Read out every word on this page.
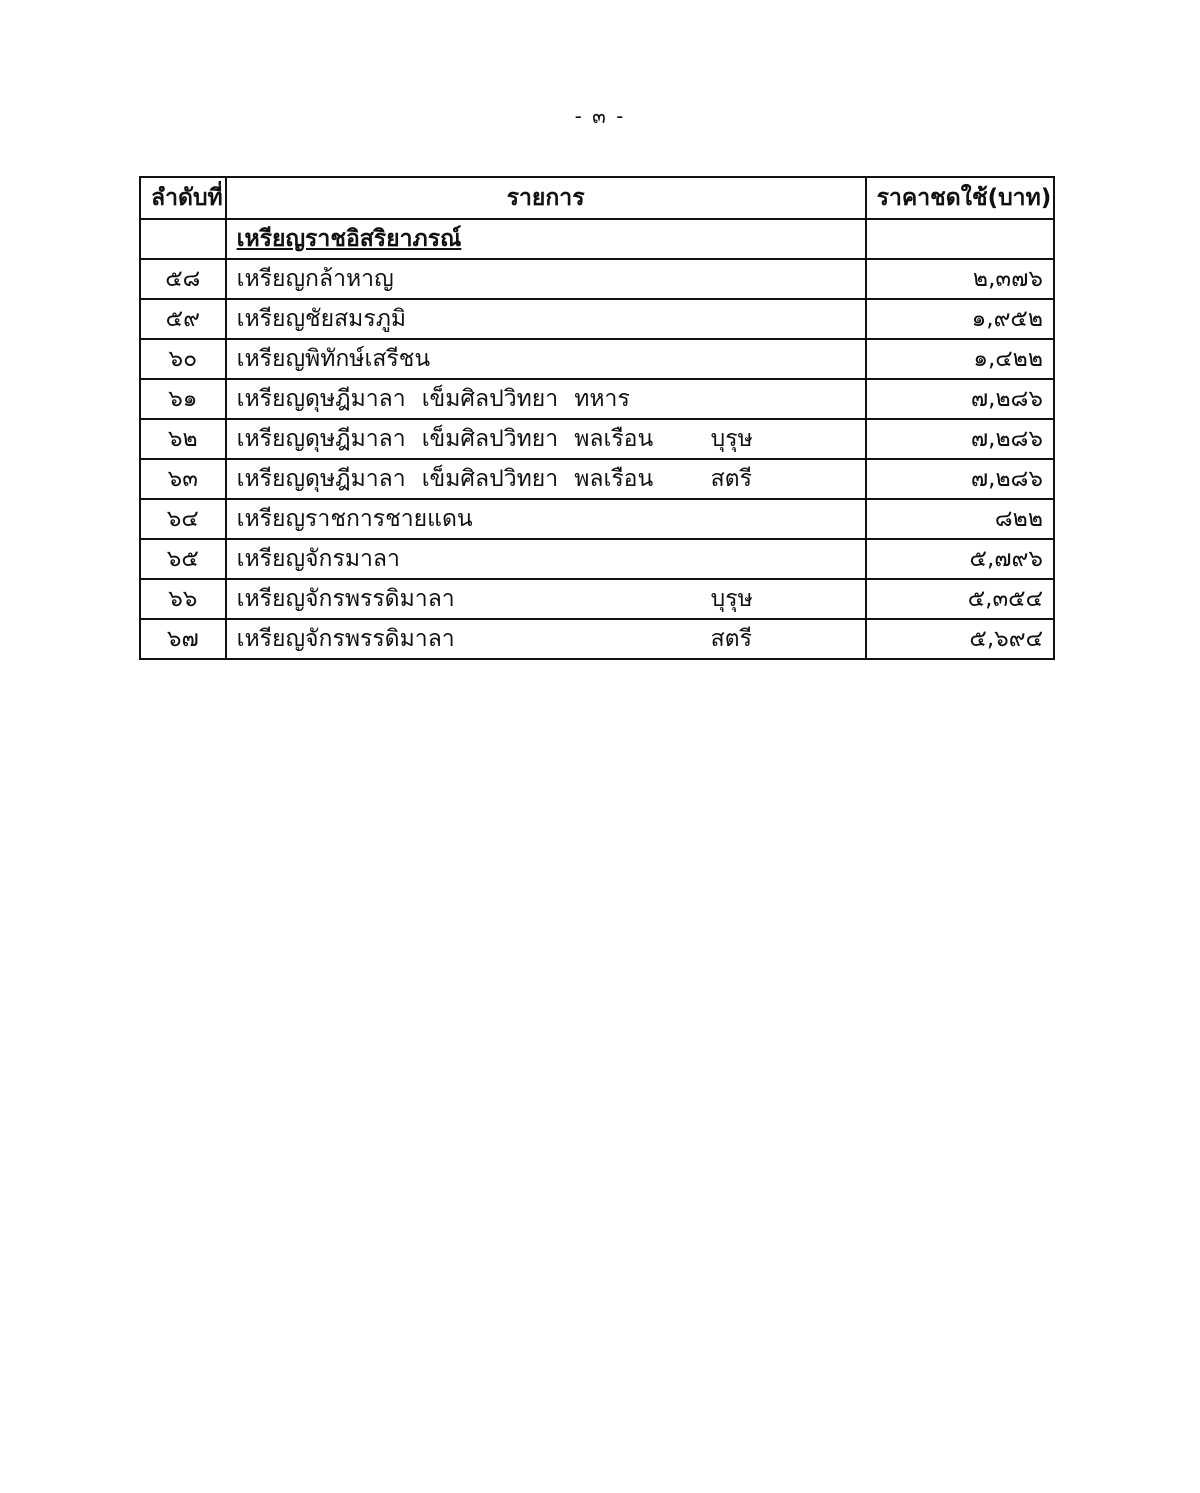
- ๓ -
ลำดับที่	รายการ	ราคาชดใช้(บาท)
	เหรียญราชอิสริยาภรณ์	
๕๘	เหรียญกล้าหาญ	๒,๓๗๖
๕๙	เหรียญชัยสมรภูมิ	๑,๙๕๒
๖๐	เหรียญพิทักษ์เสรีชน	๑,๔๒๒
๖๑	เหรียญดุษฎีมาลา เข็มศิลปวิทยา ทหาร	๗,๒๘๖
๖๒	เหรียญดุษฎีมาลา เข็มศิลปวิทยา พลเรือน บุรุษ	๗,๒๘๖
๖๓	เหรียญดุษฎีมาลา เข็มศิลปวิทยา พลเรือน สตรี	๗,๒๘๖
๖๔	เหรียญราชการชายแดน	๘๒๒
๖๕	เหรียญจักรมาลา	๕,๗๙๖
๖๖	เหรียญจักรพรรดิมาลา บุรุษ	๕,๓๕๔
๖๗	เหรียญจักรพรรดิมาลา สตรี	๕,๖๙๔
